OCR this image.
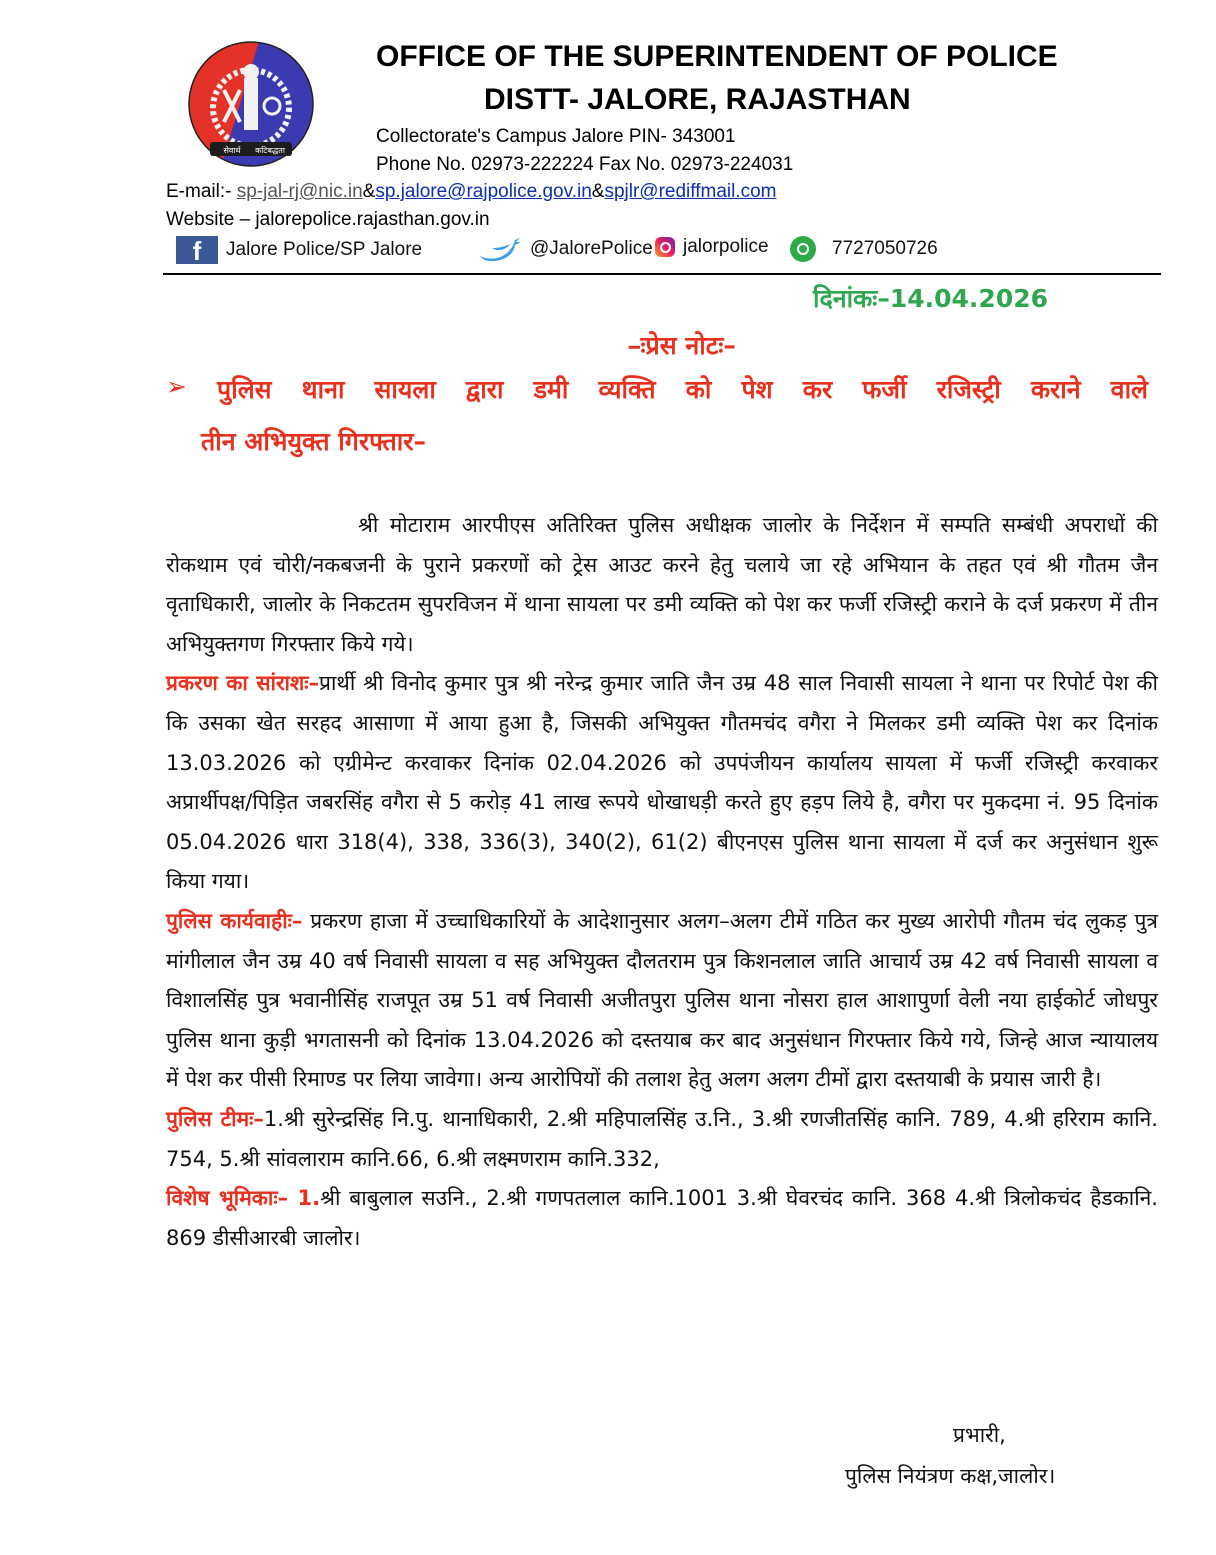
सेवार्थ कटिबद्धता
OFFICE OF THE SUPERINTENDENT OF POLICE
DISTT- JALORE, RAJASTHAN
Collectorate's Campus Jalore PIN- 343001
Phone No. 02973-222224 Fax No. 02973-224031
E-mail:- sp-jal-rj@nic.in&sp.jalore@rajpolice.gov.in&spjlr@rediffmail.com
Website – jalorepolice.rajasthan.gov.in
f	Jalore Police/SP Jalore	@JalorePolice jalorpolice	7727050726
दिनांकः–14.04.2026
–ःप्रेस नोटः–
➢ पुलिस थाना सायला द्वारा डमी व्यक्ति को पेश कर फर्जी रजिस्ट्री कराने वाले
तीन अभियुक्त गिरफ्तार–

श्री मोटाराम आरपीएस अतिरिक्त पुलिस अधीक्षक जालोर के निर्देशन में सम्पति सम्बंधी अपराधों की रोकथाम एवं चोरी/नकबजनी के पुराने प्रकरणों को ट्रेस आउट करने हेतु चलाये जा रहे अभियान के तहत एवं श्री गौतम जैन वृताधिकारी, जालोर के निकटतम सुपरविजन में थाना सायला पर डमी व्यक्ति को पेश कर फर्जी रजिस्ट्री कराने के दर्ज प्रकरण में तीन अभियुक्तगण गिरफ्तार किये गये।

प्रकरण का सांराशः–प्रार्थी श्री विनोद कुमार पुत्र श्री नरेन्द्र कुमार जाति जैन उम्र 48 साल निवासी सायला ने थाना पर रिपोर्ट पेश की कि उसका खेत सरहद आसाणा में आया हुआ है, जिसकी अभियुक्त गौतमचंद वगैरा ने मिलकर डमी व्यक्ति पेश कर दिनांक 13.03.2026 को एग्रीमेन्ट करवाकर दिनांक 02.04.2026 को उपपंजीयन कार्यालय सायला में फर्जी रजिस्ट्री करवाकर अप्रार्थीपक्ष/पिड़ित जबरसिंह वगैरा से 5 करोड़ 41 लाख रूपये धोखाधड़ी करते हुए हड़प लिये है, वगैरा पर मुकदमा नं. 95 दिनांक 05.04.2026 धारा 318(4), 338, 336(3), 340(2), 61(2) बीएनएस पुलिस थाना सायला में दर्ज कर अनुसंधान शुरू किया गया।

पुलिस कार्यवाहीः– प्रकरण हाजा में उच्चाधिकारियों के आदेशानुसार अलग–अलग टीमें गठित कर मुख्य आरोपी गौतम चंद लुकड़ पुत्र मांगीलाल जैन उम्र 40 वर्ष निवासी सायला व सह अभियुक्त दौलतराम पुत्र किशनलाल जाति आचार्य उम्र 42 वर्ष निवासी सायला व विशालसिंह पुत्र भवानीसिंह राजपूत उम्र 51 वर्ष निवासी अजीतपुरा पुलिस थाना नोसरा हाल आशापुर्णा वेली नया हाईकोर्ट जोधपुर पुलिस थाना कुड़ी भगतासनी को दिनांक 13.04.2026 को दस्तयाब कर बाद अनुसंधान गिरफ्तार किये गये, जिन्हे आज न्यायालय में पेश कर पीसी रिमाण्ड पर लिया जावेगा। अन्य आरोपियों की तलाश हेतु अलग अलग टीमों द्वारा दस्तयाबी के प्रयास जारी है।

पुलिस टीमः–1.श्री सुरेन्द्रसिंह नि.पु. थानाधिकारी, 2.श्री महिपालसिंह उ.नि., 3.श्री रणजीतसिंह कानि. 789, 4.श्री हरिराम कानि. 754, 5.श्री सांवलाराम कानि.66, 6.श्री लक्ष्मणराम कानि.332,

विशेष भूमिकाः– 1.श्री बाबुलाल सउनि., 2.श्री गणपतलाल कानि.1001 3.श्री घेवरचंद कानि. 368 4.श्री त्रिलोकचंद हैडकानि. 869 डीसीआरबी जालोर।

प्रभारी,
पुलिस नियंत्रण कक्ष,जालोर।
